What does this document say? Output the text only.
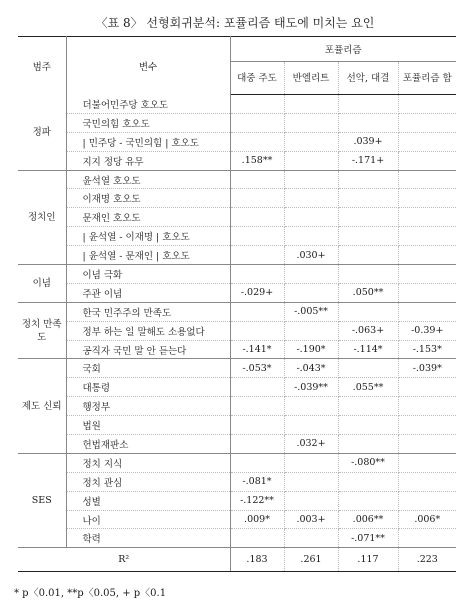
〈표 8〉 선형회귀분석: 포퓰리즘 태도에 미치는 요인
범주	변수	포퓰리즘			
		대중 주도	반엘리트	선악, 대결	포퓰리즘 합
정파	더불어민주당 호오도				
	국민의힘 호오도				
	| 민주당 - 국민의힘 | 호오도			.039+	
	지지 정당 유무	.158**		-.171+	
정치인	윤석열 호오도				
	이재명 호오도				
	문재인 호오도				
	| 윤석열 - 이재명 | 호오도				
	| 윤석열 - 문재인 | 호오도		.030+		
이념	이념 극화				
	주관 이념	-.029+		.050**	
정치 만족도	한국 민주주의 만족도		-.005**		
	정부 하는 일 말해도 소용없다			-.063+	-0.39+
	공직자 국민 말 안 듣는다	-.141*	-.190*	-.114*	-.153*
제도 신뢰	국회	-.053*	-.043*		-.039*
	대통령		-.039**	.055**	
	행정부				
	법원				
	헌법재판소		.032+		
SES	정치 지식			-.080**	
	정치 관심	-.081*			
	성별	-.122**			
	나이	.009*	.003+	.006**	.006*
	학력			-.071**	
R²		.183	.261	.117	.223
* p〈0.01, **p〈0.05, + p〈0.1
